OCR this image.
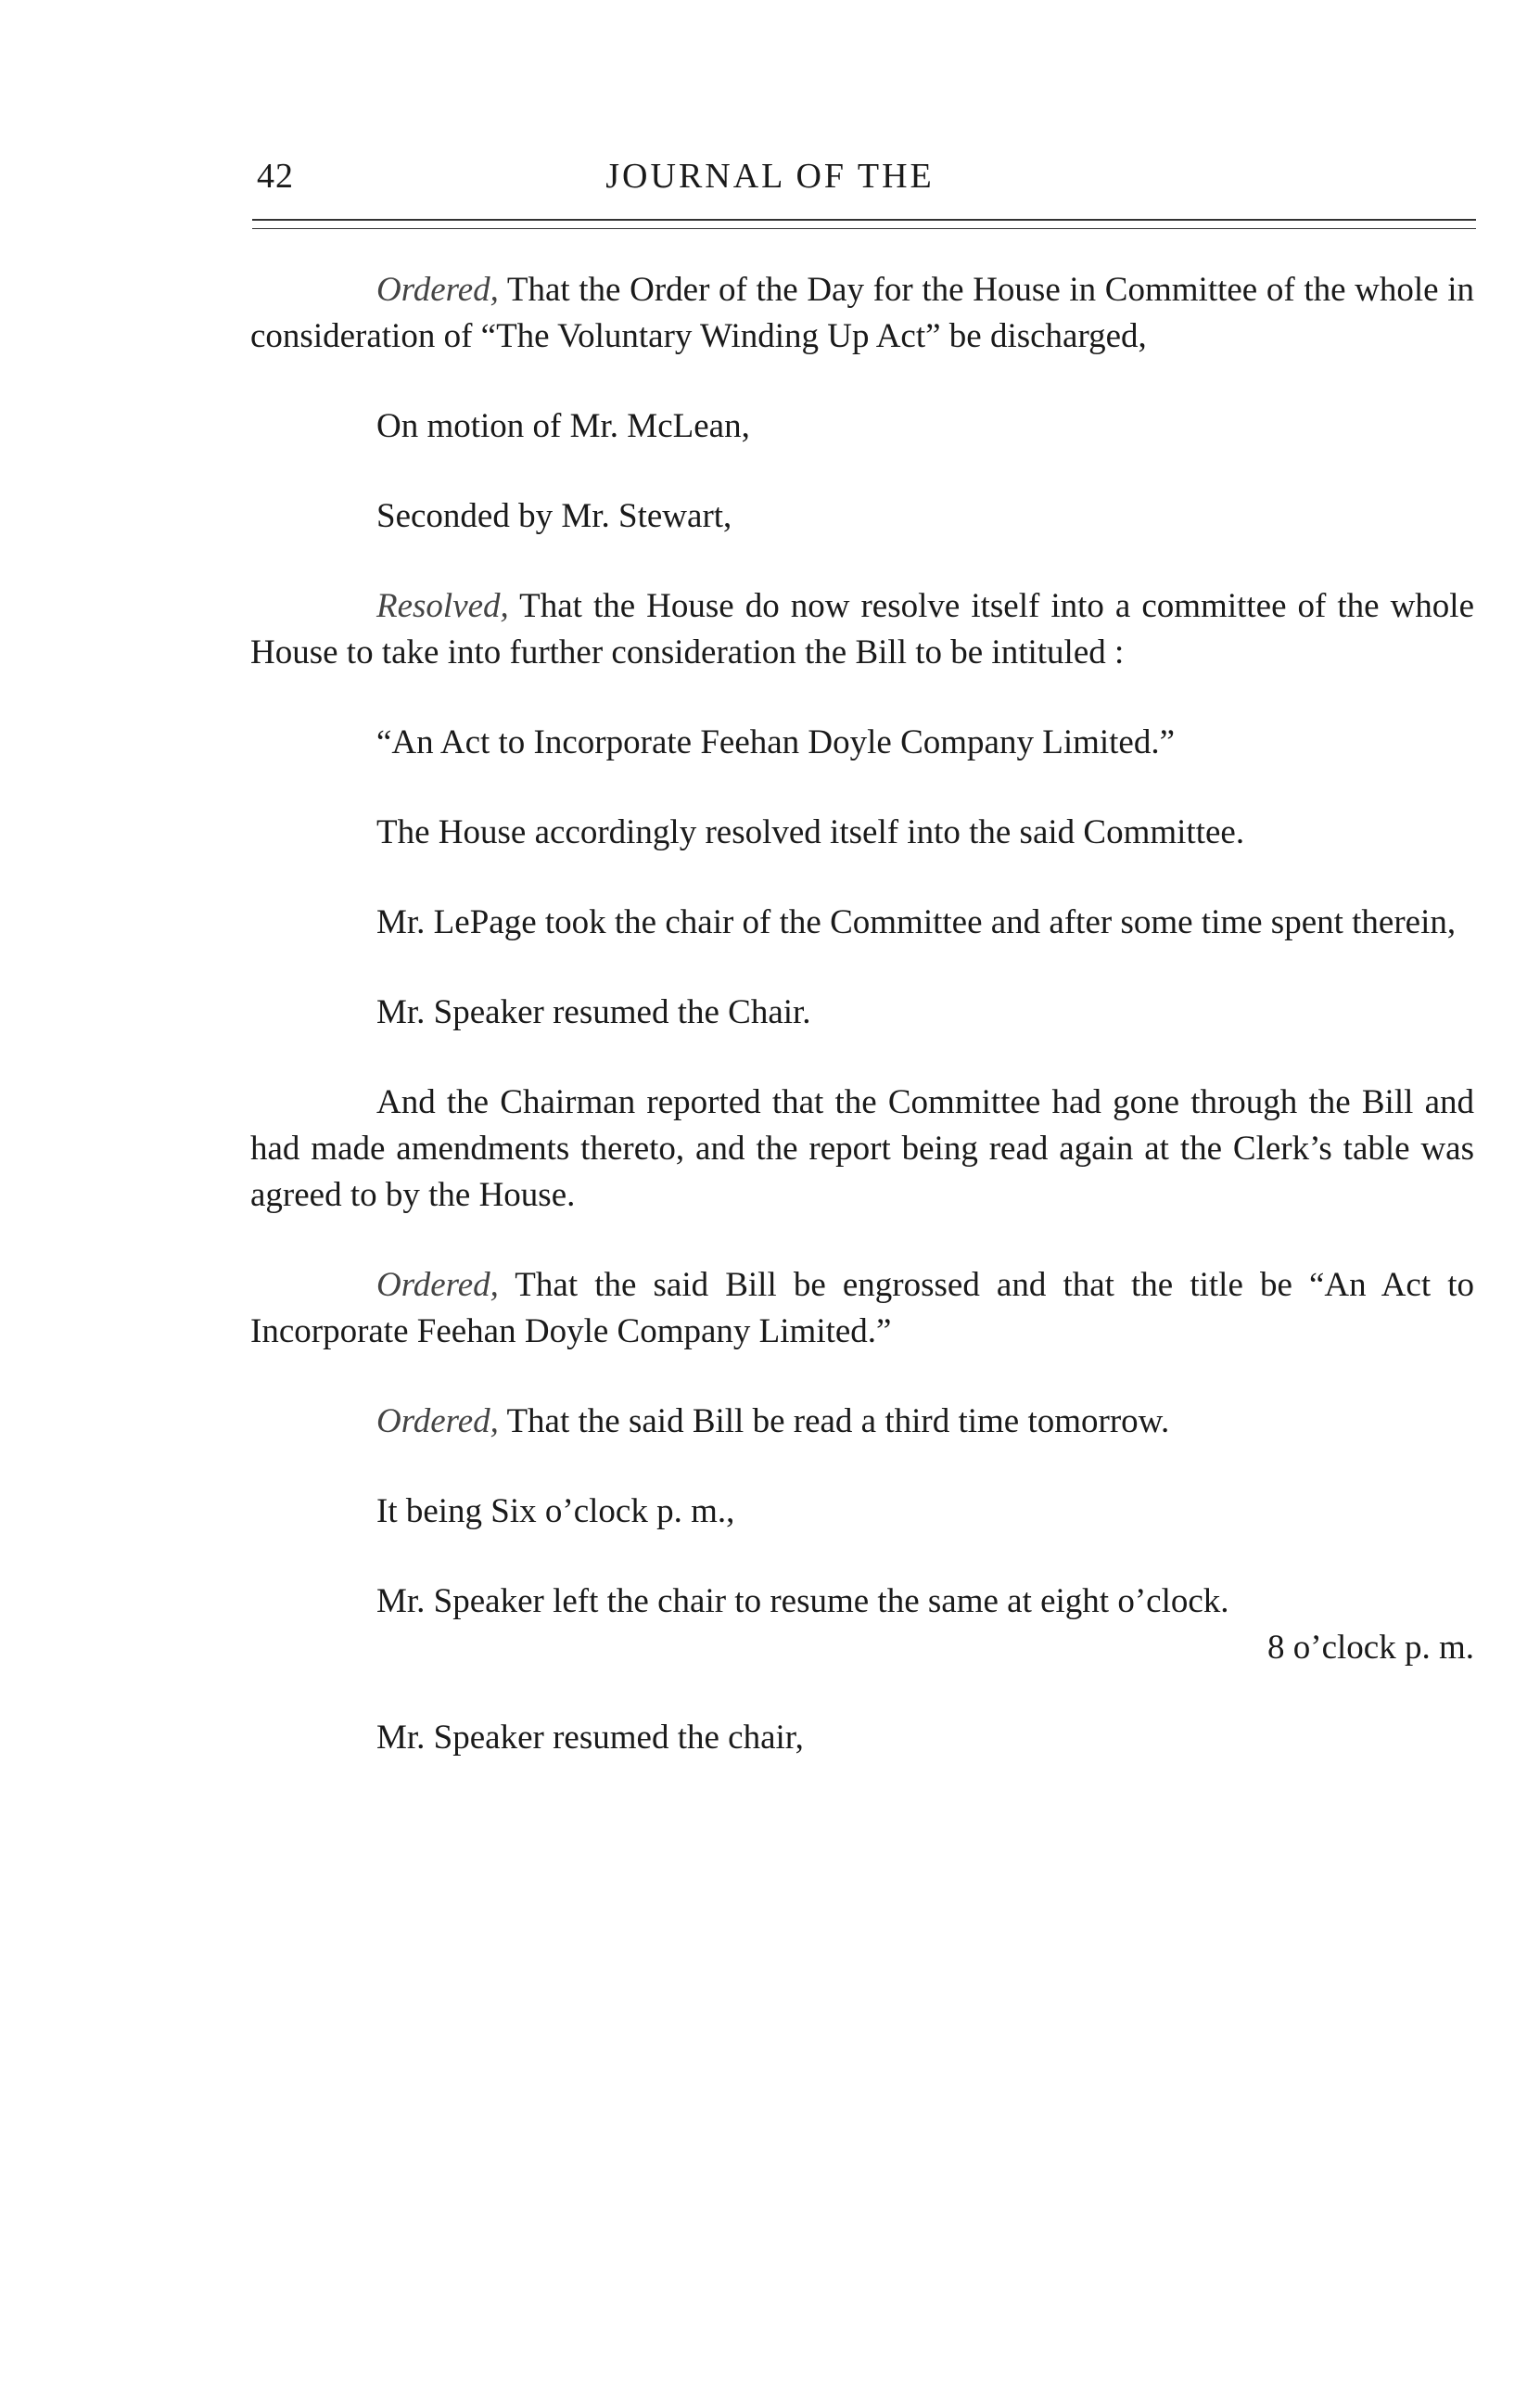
42	JOURNAL OF THE

Ordered, That the Order of the Day for the House in Committee of the whole in consideration of “The Voluntary Winding Up Act” be discharged,

On motion of Mr. McLean,

Seconded by Mr. Stewart,

Resolved, That the House do now resolve itself into a committee of the whole House to take into further consideration the Bill to be intituled :

“An Act to Incorporate Feehan Doyle Company Limited.”

The House accordingly resolved itself into the said Committee.

Mr. LePage took the chair of the Committee and after some time spent therein,

Mr. Speaker resumed the Chair.

And the Chairman reported that the Committee had gone through the Bill and had made amendments thereto, and the report being read again at the Clerk’s table was agreed to by the House.

Ordered, That the said Bill be engrossed and that the title be “An Act to Incorporate Feehan Doyle Company Limited.”

Ordered, That the said Bill be read a third time tomorrow.

It being Six o’clock p. m.,

Mr. Speaker left the chair to resume the same at eight o’clock.

8 o’clock p. m.

Mr. Speaker resumed the chair,
